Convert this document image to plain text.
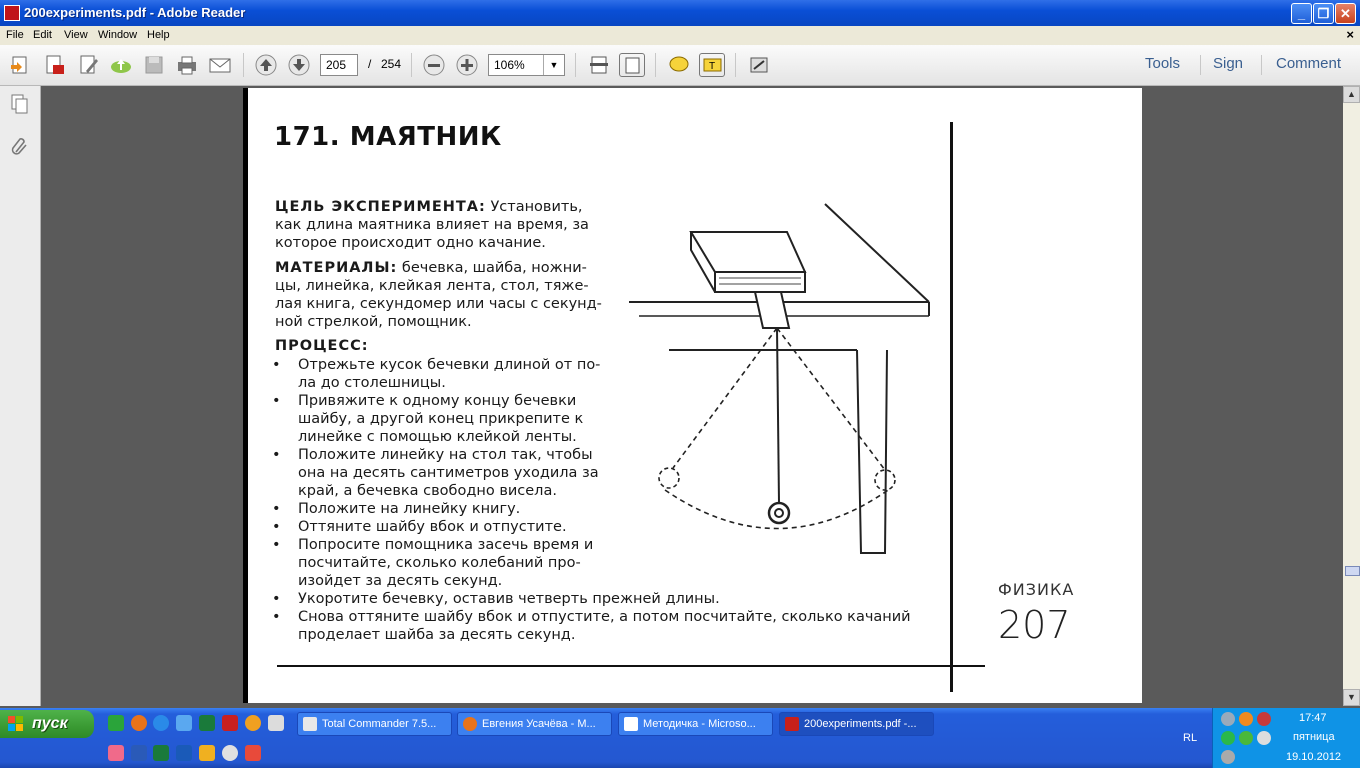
200experiments.pdf - Adobe Reader	_ ❐ ✕
File Edit View Window Help	×
205	/ 254	106%	▼	T	Tools Sign Comment
171. МАЯТНИК
ЦЕЛЬ ЭКСПЕРИМЕНТА: Установить,
как длина маятника влияет на время, за
которое происходит одно качание.
МАТЕРИАЛЫ: бечевка, шайба, ножни-
цы, линейка, клейкая лента, стол, тяже-
лая книга, секундомер или часы с секунд-
ной стрелкой, помощник.
ПРОЦЕСС:
• Отрежьте кусок бечевки длиной от по-
ла до столешницы.
• Привяжите к одному концу бечевки
шайбу, а другой конец прикрепите к
линейке с помощью клейкой ленты.
• Положите линейку на стол так, чтобы
она на десять сантиметров уходила за
край, а бечевка свободно висела.
• Положите на линейку книгу.
• Оттяните шайбу вбок и отпустите.
• Попросите помощника засечь время и
посчитайте, сколько колебаний про-
изойдет за десять секунд.
• Укоротите бечевку, оставив четверть прежней длины.
• Снова оттяните шайбу вбок и отпустите, а потом посчитайте, сколько качаний
проделает шайба за десять секунд.
ФИЗИКА
207
▲
▼
пуск	Total Commander 7.5...	Евгения Усачёва - М...	Методичка - Microso...	200experiments.pdf -...
RL
17:47
пятница
19.10.2012
